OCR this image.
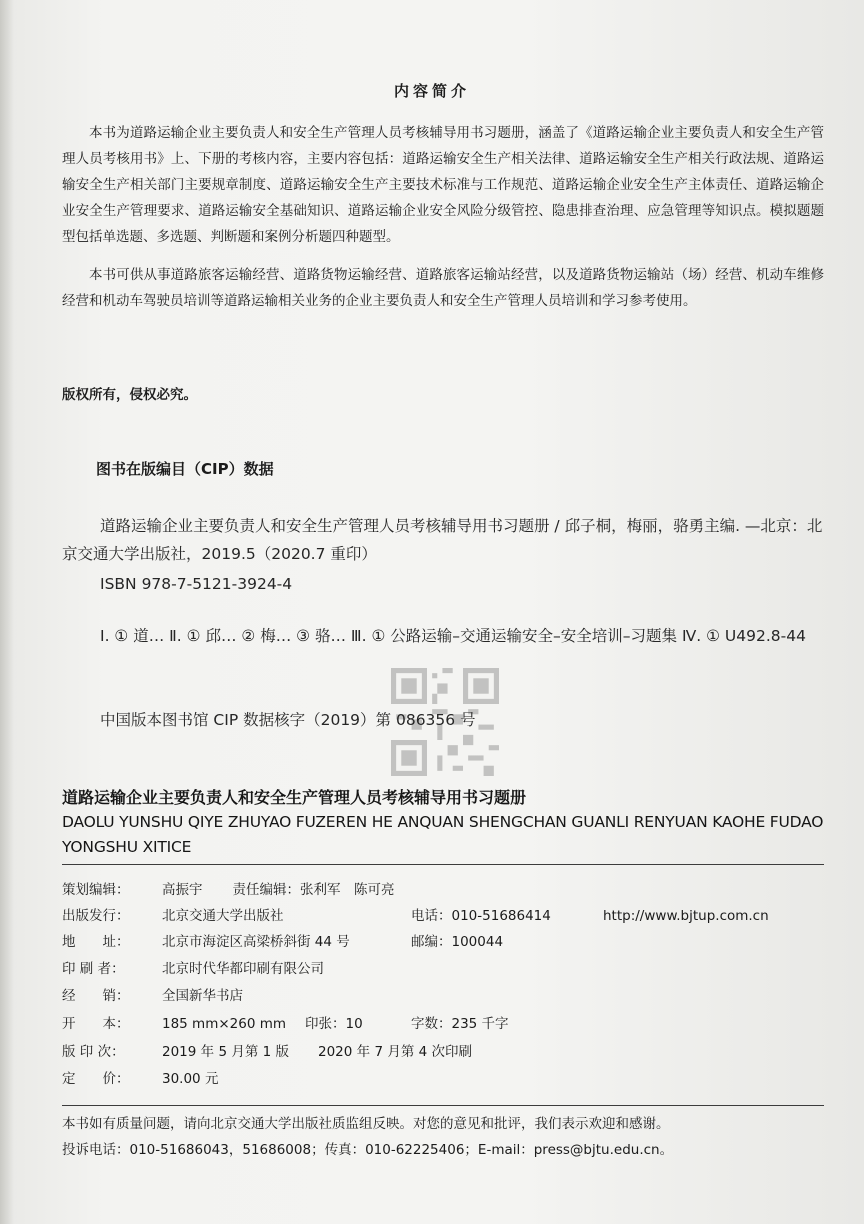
内容简介

本书为道路运输企业主要负责人和安全生产管理人员考核辅导用书习题册，涵盖了《道路运输企业主要负责人和安全生产管理人员考核用书》上、下册的考核内容，主要内容包括：道路运输安全生产相关法律、道路运输安全生产相关行政法规、道路运输安全生产相关部门主要规章制度、道路运输安全生产主要技术标准与工作规范、道路运输企业安全生产主体责任、道路运输企业安全生产管理要求、道路运输安全基础知识、道路运输企业安全风险分级管控、隐患排查治理、应急管理等知识点。模拟题题型包括单选题、多选题、判断题和案例分析题四种题型。

本书可供从事道路旅客运输经营、道路货物运输经营、道路旅客运输站经营，以及道路货物运输站（场）经营、机动车维修经营和机动车驾驶员培训等道路运输相关业务的企业主要负责人和安全生产管理人员培训和学习参考使用。

版权所有，侵权必究。
图书在版编目（CIP）数据

道路运输企业主要负责人和安全生产管理人员考核辅导用书习题册 / 邱子桐，梅丽，骆勇主编. —北京：北京交通大学出版社，2019.5（2020.7 重印）

ISBN 978-7-5121-3924-4

Ⅰ. ① 道… Ⅱ. ① 邱… ② 梅… ③ 骆… Ⅲ. ① 公路运输–交通运输安全–安全培训–习题集 Ⅳ. ① U492.8-44

中国版本图书馆 CIP 数据核字（2019）第 086356 号

道路运输企业主要负责人和安全生产管理人员考核辅导用书习题册
DAOLU YUNSHU QIYE ZHUYAO FUZEREN HE ANQUAN SHENGCHAN GUANLI RENYUAN KAOHE FUDAO YONGSHU XITICE
策划编辑： 高振宇 责任编辑：张利军　陈可亮
出版发行： 北京交通大学出版社	电话：010-51686414	http://www.bjtup.com.cn
地　　址： 北京市海淀区高梁桥斜街 44 号	邮编：100044
印 刷 者：	北京时代华都印刷有限公司
经　　销： 全国新华书店
开　　本： 185 mm×260 mm 印张：10	字数：235 千字
版 印 次：	2019 年 5 月第 1 版 2020 年 7 月第 4 次印刷
定　　价： 30.00 元
本书如有质量问题，请向北京交通大学出版社质监组反映。对您的意见和批评，我们表示欢迎和感谢。
投诉电话：010-51686043，51686008；传真：010-62225406；E-mail：press@bjtu.edu.cn。
